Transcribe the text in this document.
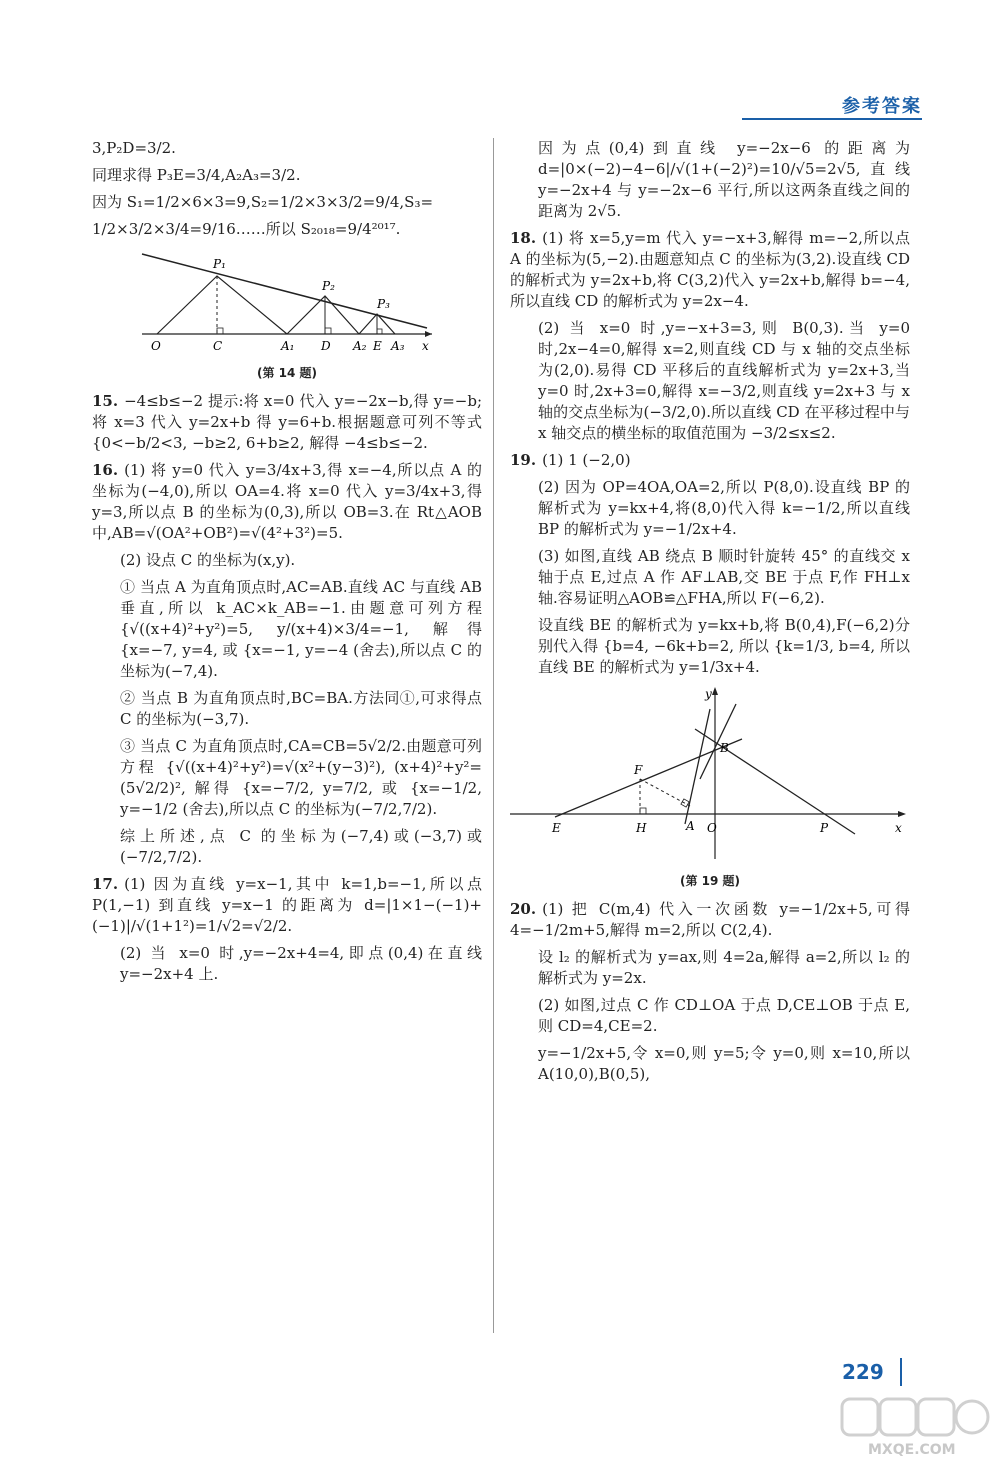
参考答案

3,P₂D=3/2.

同理求得 P₃E=3/4,A₂A₃=3/2.

因为 S₁=1/2×6×3=9,S₂=1/2×3×3/2=9/4,S₃=

1/2×3/2×3/4=9/16……所以 S₂₀₁₈=9/4²⁰¹⁷.

P₁
P₂
P₃
O	C	A₁ D A₂ E A₃ x
(第 14 题)

15. −4≤b≤−2 提示:将 x=0 代入 y=−2x−b,得 y=−b;将 x=3 代入 y=2x+b 得 y=6+b.根据题意可列不等式 {0<−b/2<3, −b≥2, 6+b≥2, 解得 −4≤b≤−2.

16. (1) 将 y=0 代入 y=3/4x+3,得 x=−4,所以点 A 的坐标为(−4,0),所以 OA=4.将 x=0 代入 y=3/4x+3,得 y=3,所以点 B 的坐标为(0,3),所以 OB=3.在 Rt△AOB 中,AB=√(OA²+OB²)=√(4²+3²)=5.

(2) 设点 C 的坐标为(x,y).

① 当点 A 为直角顶点时,AC=AB.直线 AC 与直线 AB 垂直,所以 k_AC×k_AB=−1.由题意可列方程 {√((x+4)²+y²)=5, y/(x+4)×3/4=−1, 解得 {x=−7, y=4, 或 {x=−1, y=−4 (舍去),所以点 C 的坐标为(−7,4).

② 当点 B 为直角顶点时,BC=BA.方法同①,可求得点 C 的坐标为(−3,7).

③ 当点 C 为直角顶点时,CA=CB=5√2/2.由题意可列方程 {√((x+4)²+y²)=√(x²+(y−3)²), (x+4)²+y²=(5√2/2)², 解得 {x=−7/2, y=7/2, 或 {x=−1/2, y=−1/2 (舍去),所以点 C 的坐标为(−7/2,7/2).

综上所述,点 C 的坐标为(−7,4)或(−3,7)或(−7/2,7/2).

17. (1) 因为直线 y=x−1,其中 k=1,b=−1,所以点 P(1,−1) 到直线 y=x−1 的距离为 d=|1×1−(−1)+(−1)|/√(1+1²)=1/√2=√2/2.

(2) 当 x=0 时,y=−2x+4=4,即点(0,4)在直线 y=−2x+4 上.

因为点(0,4)到直线 y=−2x−6 的距离为 d=|0×(−2)−4−6|/√(1+(−2)²)=10/√5=2√5,直线 y=−2x+4 与 y=−2x−6 平行,所以这两条直线之间的距离为 2√5.

18. (1) 将 x=5,y=m 代入 y=−x+3,解得 m=−2,所以点 A 的坐标为(5,−2).由题意知点 C 的坐标为(3,2).设直线 CD 的解析式为 y=2x+b,将 C(3,2)代入 y=2x+b,解得 b=−4,所以直线 CD 的解析式为 y=2x−4.

(2) 当 x=0 时,y=−x+3=3,则 B(0,3).当 y=0 时,2x−4=0,解得 x=2,则直线 CD 与 x 轴的交点坐标为(2,0).易得 CD 平移后的直线解析式为 y=2x+3,当 y=0 时,2x+3=0,解得 x=−3/2,则直线 y=2x+3 与 x 轴的交点坐标为(−3/2,0).所以直线 CD 在平移过程中与 x 轴交点的横坐标的取值范围为 −3/2≤x≤2.

19. (1) 1 (−2,0)

(2) 因为 OP=4OA,OA=2,所以 P(8,0).设直线 BP 的解析式为 y=kx+4,将(8,0)代入得 k=−1/2,所以直线 BP 的解析式为 y=−1/2x+4.

(3) 如图,直线 AB 绕点 B 顺时针旋转 45° 的直线交 x 轴于点 E,过点 A 作 AF⊥AB,交 BE 于点 F,作 FH⊥x 轴.容易证明△AOB≌△FHA,所以 F(−6,2).

设直线 BE 的解析式为 y=kx+b,将 B(0,4),F(−6,2)分别代入得 {b=4, −6k+b=2, 所以 {k=1/3, b=4, 所以直线 BE 的解析式为 y=1/3x+4.

y
x
B
F
E	H	A O	P
(第 19 题)

20. (1) 把 C(m,4) 代入一次函数 y=−1/2x+5,可得 4=−1/2m+5,解得 m=2,所以 C(2,4).

设 l₂ 的解析式为 y=ax,则 4=2a,解得 a=2,所以 l₂ 的解析式为 y=2x.

(2) 如图,过点 C 作 CD⊥OA 于点 D,CE⊥OB 于点 E,则 CD=4,CE=2.

y=−1/2x+5,令 x=0,则 y=5;令 y=0,则 x=10,所以 A(10,0),B(0,5),

229
MXQE.COM
